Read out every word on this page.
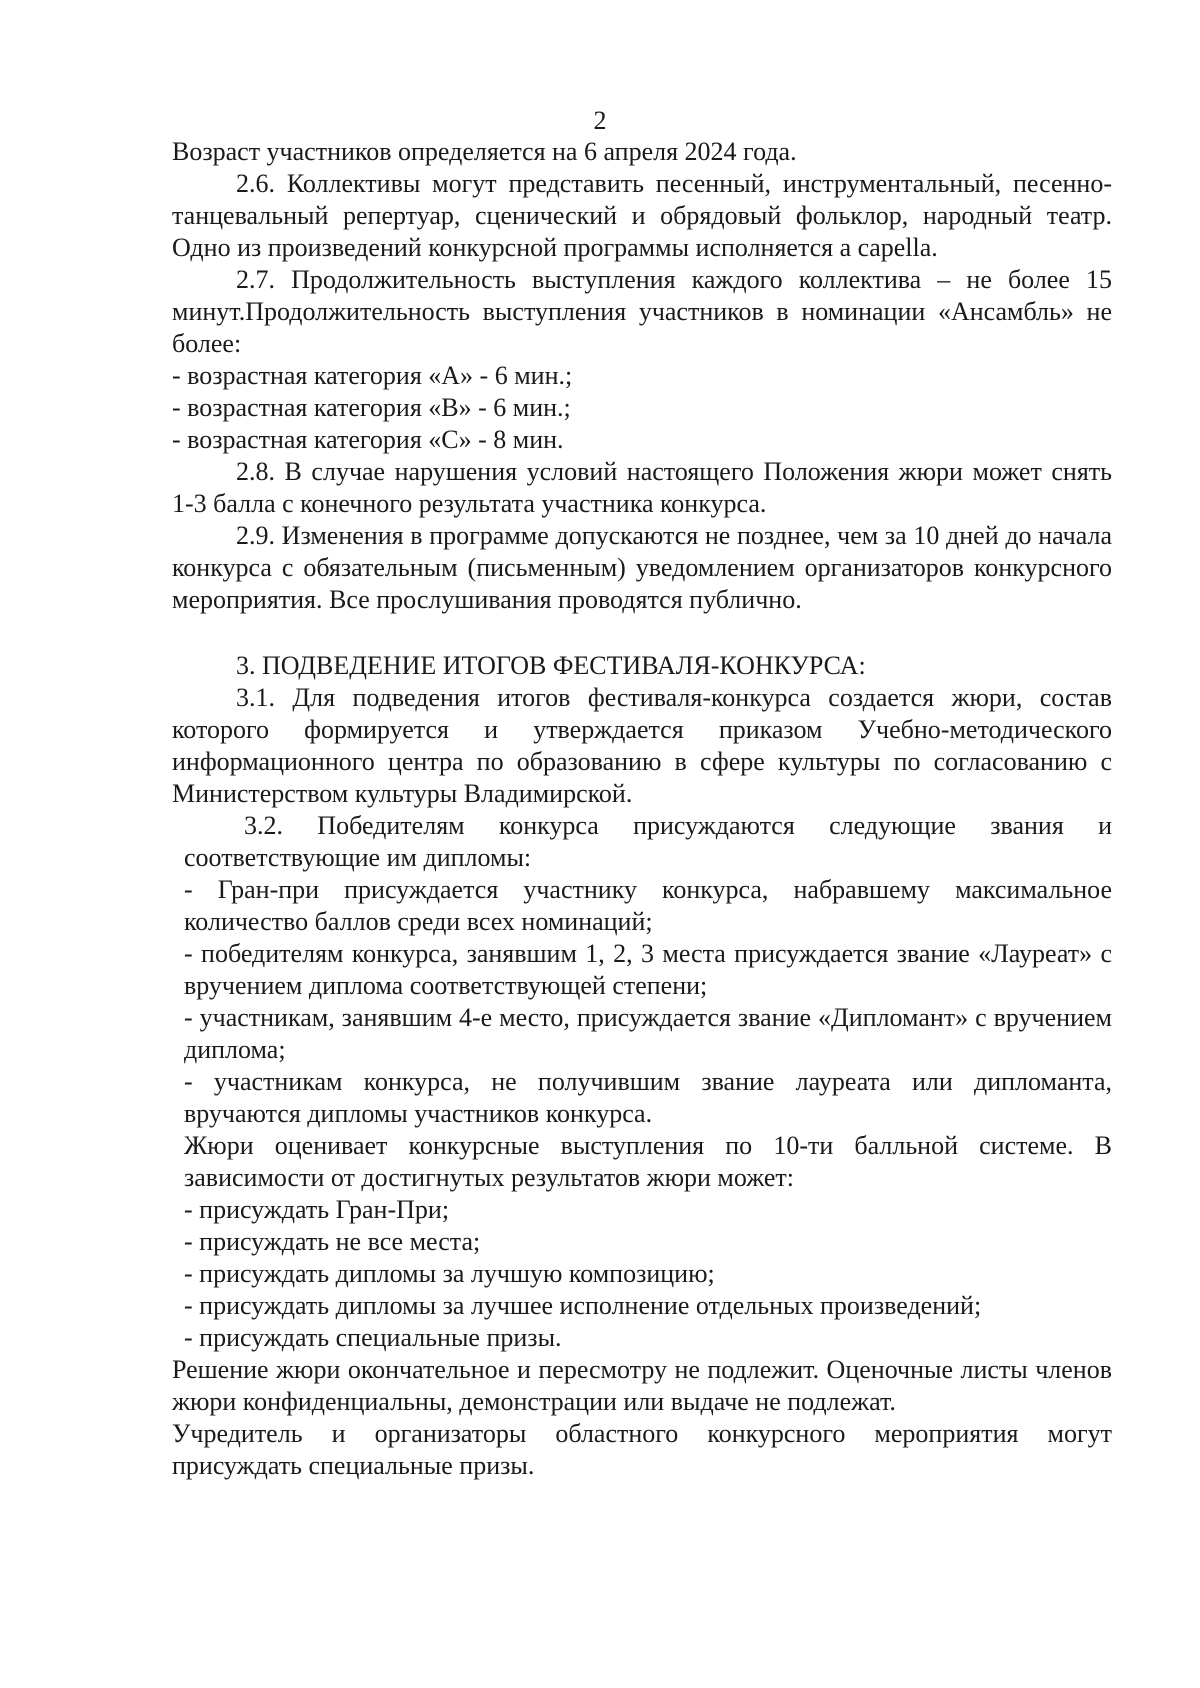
2

Возраст участников определяется на 6 апреля 2024 года.

2.6. Коллективы могут представить песенный, инструментальный, песенно-танцевальный репертуар, сценический и обрядовый фольклор, народный театр. Одно из произведений конкурсной программы исполняется a capella.

2.7. Продолжительность выступления каждого коллектива – не более 15 минут.Продолжительность выступления участников в номинации «Ансамбль» не более:

- возрастная категория «А» - 6 мин.;

- возрастная категория «В» - 6 мин.;

- возрастная категория «С» - 8 мин.

2.8. В случае нарушения условий настоящего Положения жюри может снять 1-3 балла с конечного результата участника конкурса.

2.9. Изменения в программе допускаются не позднее, чем за 10 дней до начала конкурса с обязательным (письменным) уведомлением организаторов конкурсного мероприятия. Все прослушивания проводятся публично.

3. ПОДВЕДЕНИЕ ИТОГОВ ФЕСТИВАЛЯ-КОНКУРСА:

3.1. Для подведения итогов фестиваля-конкурса создается жюри, состав которого формируется и утверждается приказом Учебно-методического информационного центра по образованию в сфере культуры по согласованию с Министерством культуры Владимирской.

3.2. Победителям конкурса присуждаются следующие звания и соответствующие им дипломы:

- Гран-при присуждается участнику конкурса, набравшему максимальное количество баллов среди всех номинаций;

- победителям конкурса, занявшим 1, 2, 3 места присуждается звание «Лауреат» с вручением диплома соответствующей степени;

- участникам, занявшим 4-е место, присуждается звание «Дипломант» с вручением диплома;

- участникам конкурса, не получившим звание лауреата или дипломанта, вручаются дипломы участников конкурса.

Жюри оценивает конкурсные выступления по 10-ти балльной системе. В зависимости от достигнутых результатов жюри может:

- присуждать Гран-При;

- присуждать не все места;

- присуждать дипломы за лучшую композицию;

- присуждать дипломы за лучшее исполнение отдельных произведений;

- присуждать специальные призы.

Решение жюри окончательное и пересмотру не подлежит. Оценочные листы членов жюри конфиденциальны, демонстрации или выдаче не подлежат.

Учредитель и организаторы областного конкурсного мероприятия могут присуждать специальные призы.
